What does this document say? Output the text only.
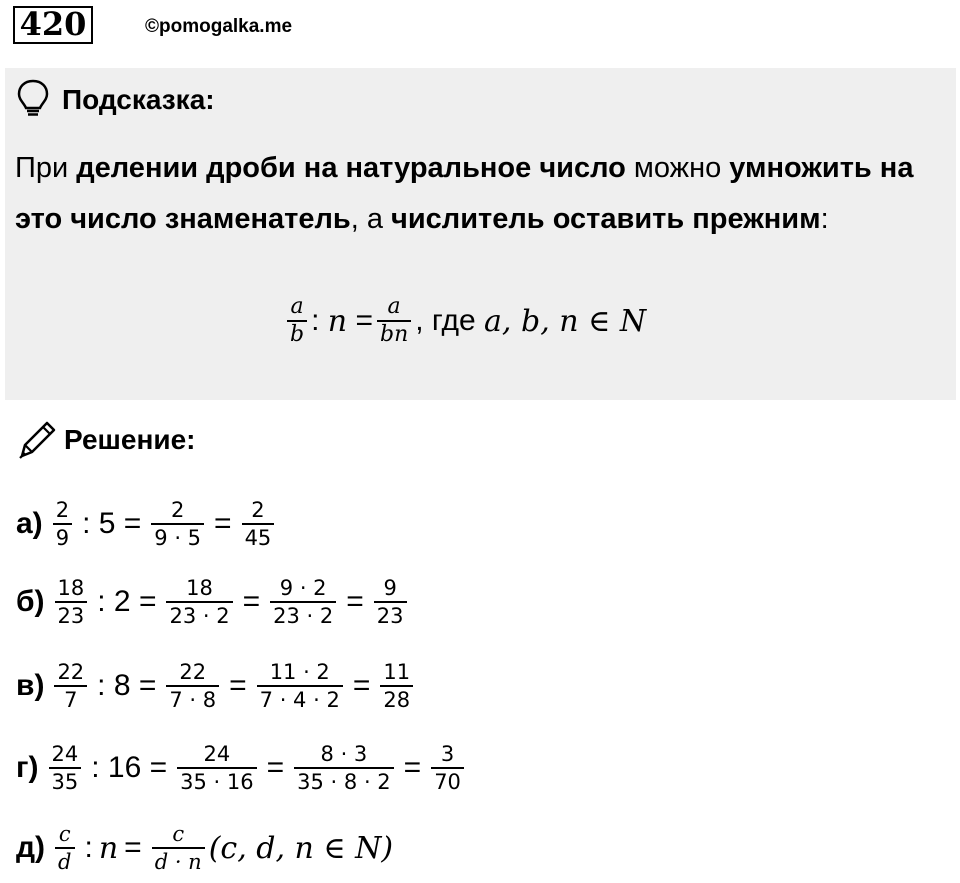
420	©pomogalka.me
Подсказка:
При делении дроби на натуральное число можно умножить на это число знаменатель, а числитель оставить прежним:
$\frac{a}{b}$ :
n
= $\frac{a}{bn}$ , где a, b, n ∈ N
Решение:
$а) \frac{2}{9}$ : $5 = \frac{2}{9 \cdot 5} = \frac{2}{45}$
$б) \frac{18}{23}$ : $2 = \frac{18}{23 \cdot 2} = \frac{9 \cdot 2}{23 \cdot 2} = \frac{9}{23}$
$в) \frac{22}{7}$ : $8 = \frac{22}{7 \cdot 8} = \frac{11 \cdot 2}{7 \cdot 4 \cdot 2} = \frac{11}{28}$
$г) \frac{24}{35}$ : $16 = \frac{24}{35 \cdot 16} = \frac{8 \cdot 3}{35 \cdot 8 \cdot 2} = \frac{3}{70}$
$д) \frac{c}{d}$ : $n = \frac{c}{d \cdot n} (c$, d, n ∈ N)
